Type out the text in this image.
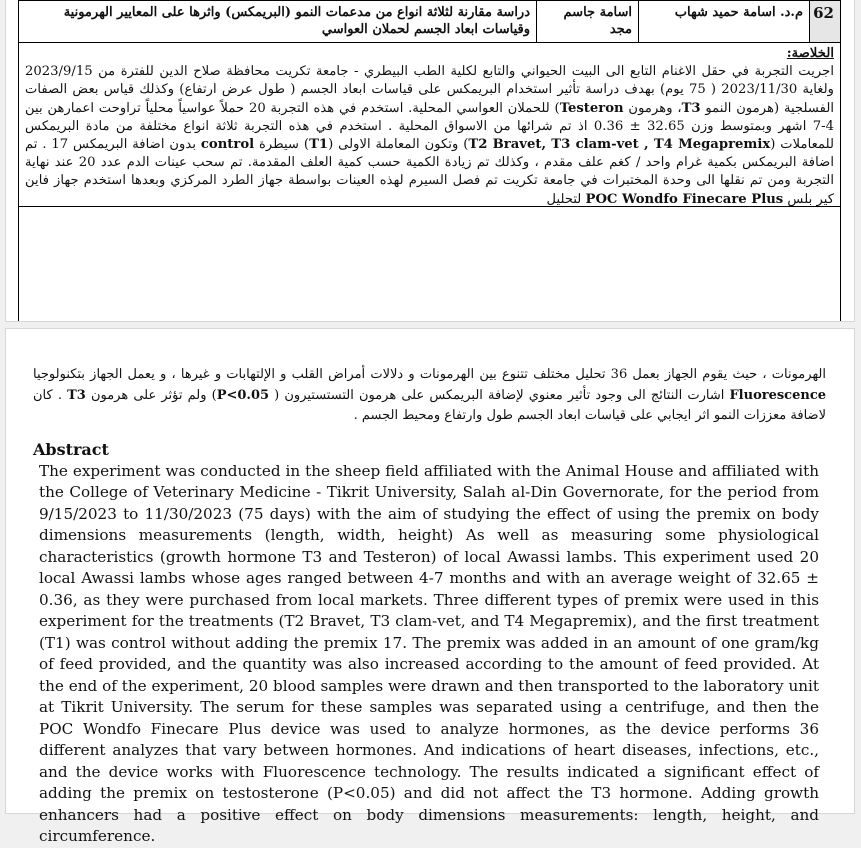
62
م.د. اسامة حميد شهاب
اسامة جاسم مجد
دراسة مقارنة لثلاثة انواع من مدعمات النمو (البريمكس) واثرها على المعايير الهرمونية وقياسات ابعاد الجسم لحملان العواسي
الخلاصة:
اجريت التجربة في حقل الاغنام التابع الى البيت الحيواني والتابع لكلية الطب البيطري - جامعة تكريت محافظة صلاح الدين للفترة من 2023/9/15 ولغاية 2023/11/30 ( 75 يوم) بهدف دراسة تأثير استخدام البريمكس على قياسات ابعاد الجسم ( طول عرض ارتفاع) وكذلك قياس بعض الصفات الفسلجية (هرمون النمو T3، وهرمون Testeron) للحملان العواسي المحلية. استخدم في هذه التجربة 20 حملاً عواسياً محلياً تراوحت اعمارهن بين 4-7 اشهر وبمتوسط وزن 32.65 ± 0.36 اذ تم شرائها من الاسواق المحلية . استخدم في هذه التجربة ثلاثة انواع مختلفة من مادة البريمكس للمعاملات (T2 Bravet, T3 clam-vet , T4 Megapremix) وتكون المعاملة الاولى (T1) سيطرة control بدون اضافة البريمكس 17 . تم اضافة البريمكس بكمية غرام واحد / كغم علف مقدم ، وكذلك تم زيادة الكمية حسب كمية العلف المقدمة. تم سحب عينات الدم عدد 20 عند نهاية التجربة ومن تم نقلها الى وحدة المختبرات في جامعة تكريت تم فصل السيرم لهذه العينات بواسطة جهاز الطرد المركزي وبعدها استخدم جهاز فاين كير بلس POC Wondfo Finecare Plus لتحليل
الهرمونات ، حيث يقوم الجهاز بعمل 36 تحليل مختلف تتنوع بين الهرمونات و دلالات أمراض القلب و الإلتهابات و غيرها ، و يعمل الجهاز بتكنولوجيا Fluorescence اشارت النتائج الى وجود تأثير معنوي لإضافة البريمكس على هرمون التستستيرون ( P<0.05) ولم تؤثر على هرمون T3 . كان لاضافة معززات النمو اثر ايجابي على قياسات ابعاد الجسم طول وارتفاع ومحيط الجسم .
Abstract

The experiment was conducted in the sheep field affiliated with the Animal House and affiliated with the College of Veterinary Medicine - Tikrit University, Salah al-Din Governorate, for the period from 9/15/2023 to 11/30/2023 (75 days) with the aim of studying the effect of using the premix on body dimensions measurements (length, width, height) As well as measuring some physiological characteristics (growth hormone T3 and Testeron) of local Awassi lambs. This experiment used 20 local Awassi lambs whose ages ranged between 4-7 months and with an average weight of 32.65 ± 0.36, as they were purchased from local markets. Three different types of premix were used in this experiment for the treatments (T2 Bravet, T3 clam-vet, and T4 Megapremix), and the first treatment (T1) was control without adding the premix 17. The premix was added in an amount of one gram/kg of feed provided, and the quantity was also increased according to the amount of feed provided. At the end of the experiment, 20 blood samples were drawn and then transported to the laboratory unit at Tikrit University. The serum for these samples was separated using a centrifuge, and then the POC Wondfo Finecare Plus device was used to analyze hormones, as the device performs 36 different analyzes that vary between hormones. And indications of heart diseases, infections, etc., and the device works with Fluorescence technology. The results indicated a significant effect of adding the premix on testosterone (P<0.05) and did not affect the T3 hormone. Adding growth enhancers had a positive effect on body dimensions measurements: length, height, and circumference.
